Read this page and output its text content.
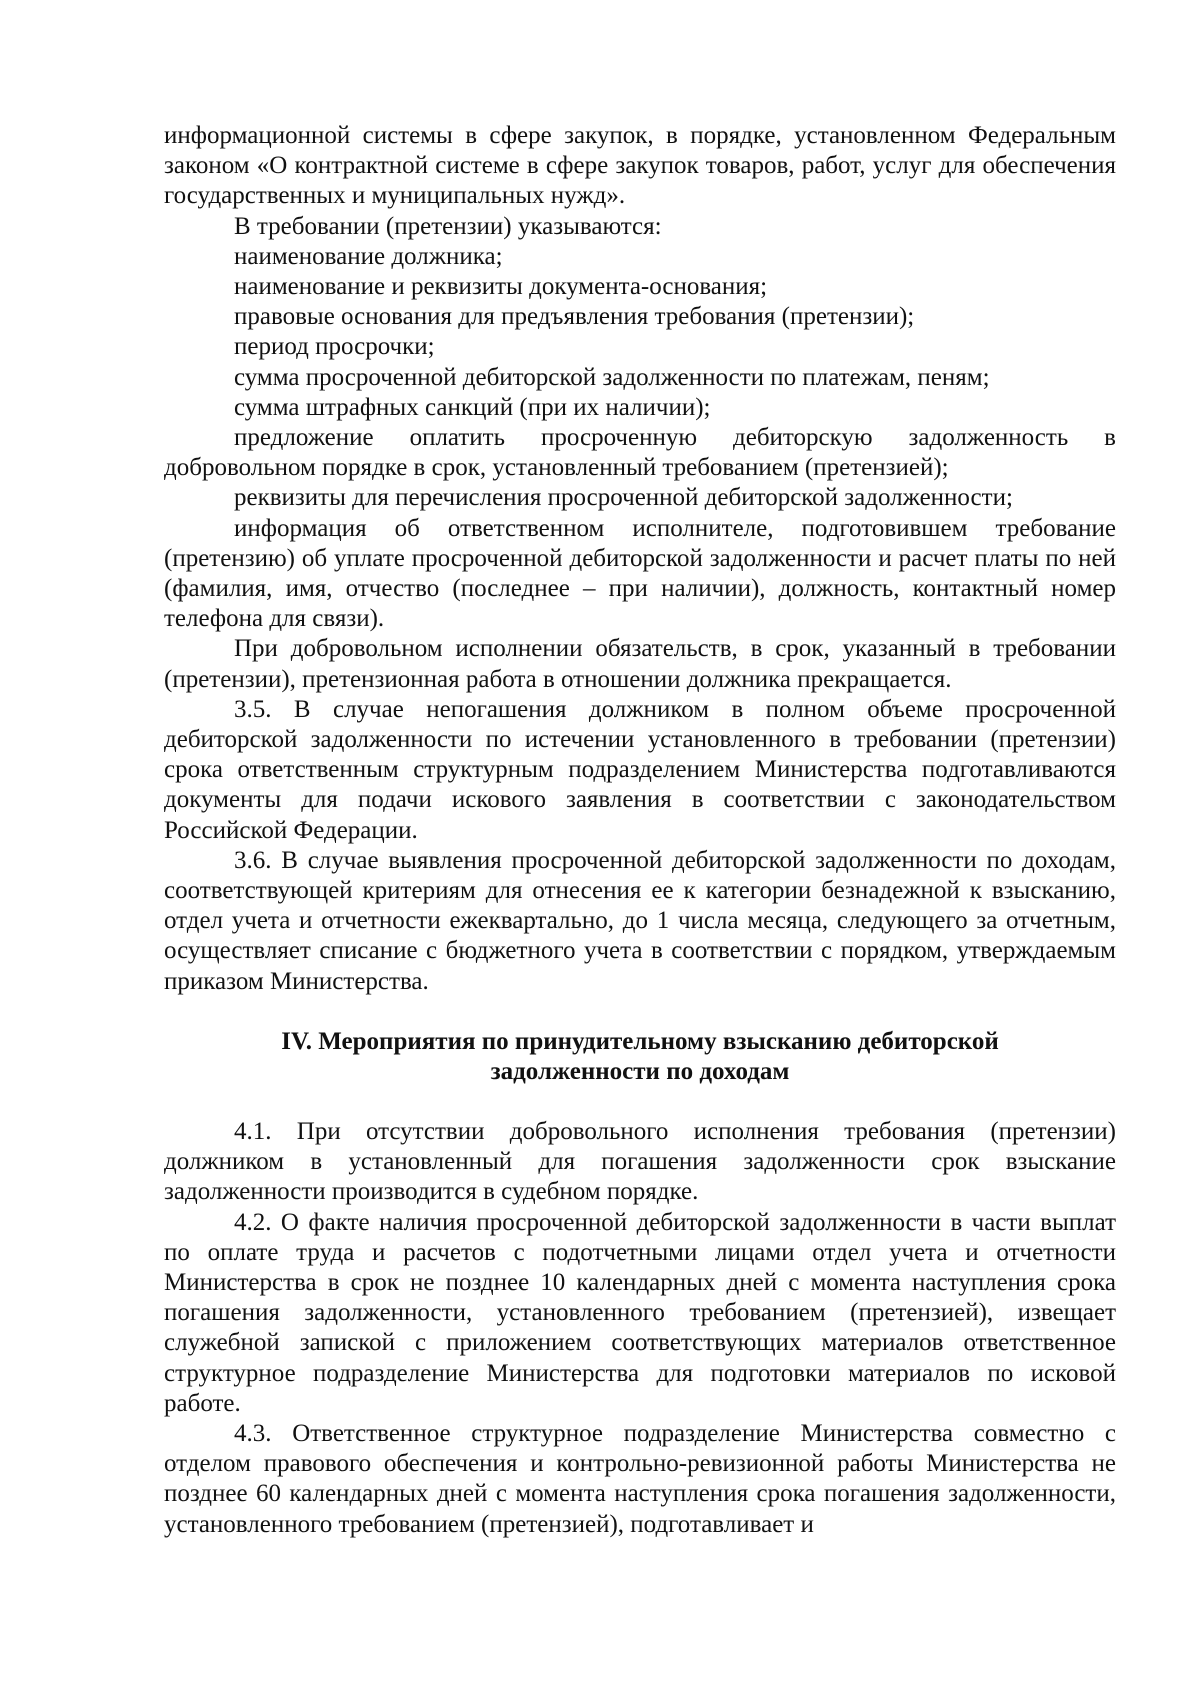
информационной системы в сфере закупок, в порядке, установленном Федеральным законом «О контрактной системе в сфере закупок товаров, работ, услуг для обеспечения государственных и муниципальных нужд».

В требовании (претензии) указываются:

наименование должника;

наименование и реквизиты документа-основания;

правовые основания для предъявления требования (претензии);

период просрочки;

сумма просроченной дебиторской задолженности по платежам, пеням;

сумма штрафных санкций (при их наличии);

предложение оплатить просроченную дебиторскую задолженность в добровольном порядке в срок, установленный требованием (претензией);

реквизиты для перечисления просроченной дебиторской задолженности;

информация об ответственном исполнителе, подготовившем требование (претензию) об уплате просроченной дебиторской задолженности и расчет платы по ней (фамилия, имя, отчество (последнее – при наличии), должность, контактный номер телефона для связи).

При добровольном исполнении обязательств, в срок, указанный в требовании (претензии), претензионная работа в отношении должника прекращается.

3.5. В случае непогашения должником в полном объеме просроченной дебиторской задолженности по истечении установленного в требовании (претензии) срока ответственным структурным подразделением Министерства подготавливаются документы для подачи искового заявления в соответствии с законодательством Российской Федерации.

3.6. В случае выявления просроченной дебиторской задолженности по доходам, соответствующей критериям для отнесения ее к категории безнадежной к взысканию, отдел учета и отчетности ежеквартально, до 1 числа месяца, следующего за отчетным, осуществляет списание с бюджетного учета в соответствии с порядком, утверждаемым приказом Министерства.

IV. Мероприятия по принудительному взысканию дебиторской
задолженности по доходам

4.1. При отсутствии добровольного исполнения требования (претензии) должником в установленный для погашения задолженности срок взыскание задолженности производится в судебном порядке.

4.2. О факте наличия просроченной дебиторской задолженности в части выплат по оплате труда и расчетов с подотчетными лицами отдел учета и отчетности Министерства в срок не позднее 10 календарных дней с момента наступления срока погашения задолженности, установленного требованием (претензией), извещает служебной запиской с приложением соответствующих материалов ответственное структурное подразделение Министерства для подготовки материалов по исковой работе.

4.3. Ответственное структурное подразделение Министерства совместно с отделом правового обеспечения и контрольно-ревизионной работы Министерства не позднее 60 календарных дней с момента наступления срока погашения задолженности, установленного требованием (претензией), подготавливает и
